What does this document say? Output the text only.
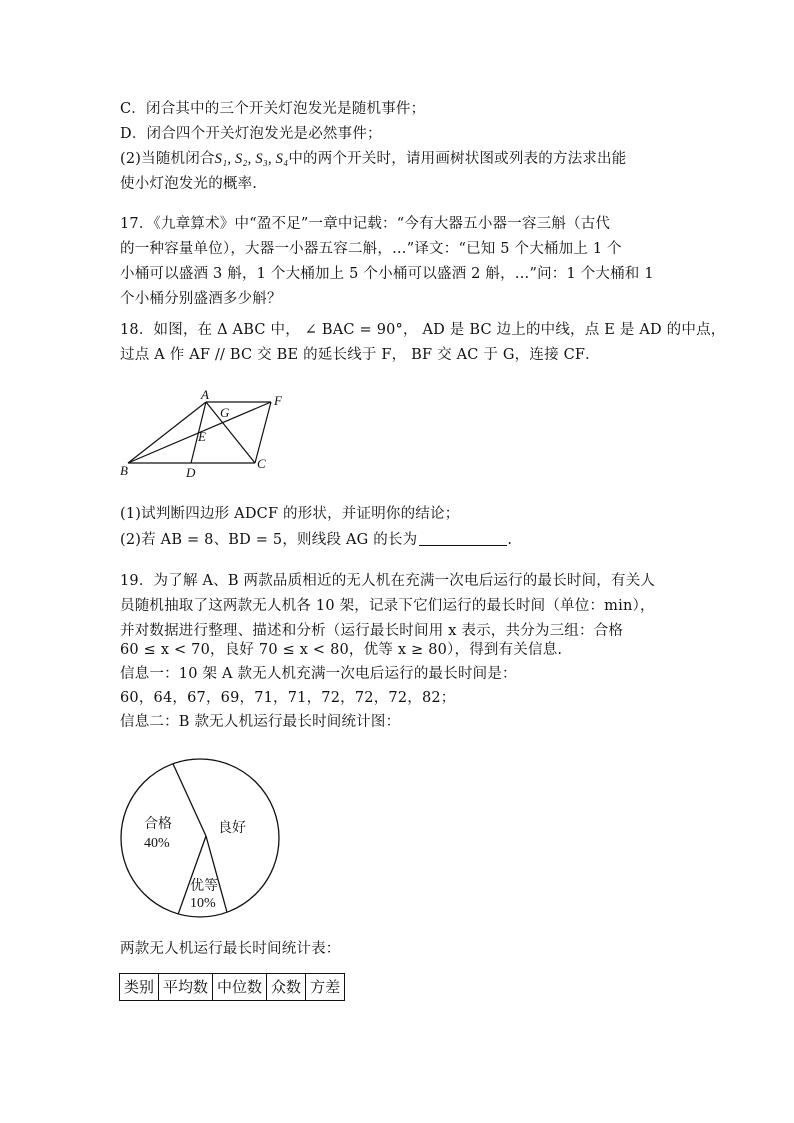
C．闭合其中的三个开关灯泡发光是随机事件；
D．闭合四个开关灯泡发光是必然事件；
(2)当随机闭合S₁, S₂, S₃, S₄中的两个开关时，请用画树状图或列表的方法求出能
使小灯泡发光的概率.
17．《九章算术》中“盈不足”一章中记载：“今有大器五小器一容三斛（古代
的一种容量单位），大器一小器五容二斛，…”译文：“已知 5 个大桶加上 1 个
小桶可以盛酒 3 斛，1 个大桶加上 5 个小桶可以盛酒 2 斛，…”问：1 个大桶和 1
个小桶分别盛酒多少斛？
18．如图，在 Δ ABC 中， ∠ BAC = 90°， AD 是 BC 边上的中线，点 E 是 AD 的中点，
过点 A 作 AF // BC 交 BE 的延长线于 F， BF 交 AC 于 G，连接 CF．
A	F
G
E
B	D
C
(1)试判断四边形 ADCF 的形状，并证明你的结论；
(2)若 AB = 8、BD = 5，则线段 AG 的长为	.
19．为了解 A、B 两款品质相近的无人机在充满一次电后运行的最长时间，有关人
员随机抽取了这两款无人机各 10 架，记录下它们运行的最长时间（单位：min），
并对数据进行整理、描述和分析（运行最长时间用 x 表示，共分为三组：合格
60 ≤ x < 70，良好 70 ≤ x < 80，优等 x ≥ 80），得到有关信息.
信息一：10 架 A 款无人机充满一次电后运行的最长时间是：
60，64，67，69，71，71，72，72，72，82；
信息二：B 款无人机运行最长时间统计图：
合格
40%
良好
优等
10%
两款无人机运行最长时间统计表：
类别	平均数	中位数	众数	方差
